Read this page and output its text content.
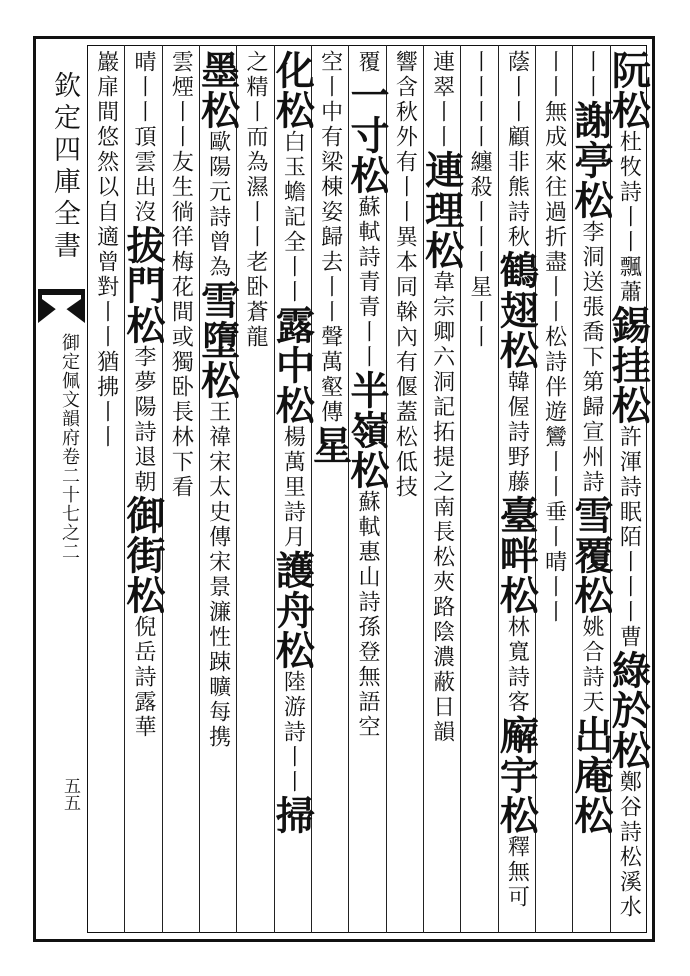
欽定四庫全書
御定佩文韻府卷二十七之二
五五

阮松杜牧詩丨丨飄蕭錫挂松許渾詩眠陌丨丨丨曹綠於松鄭谷詩松溪水

丨丨謝亭松李洞送張喬下第歸宣州詩雪覆松姚合詩天出庵松

丨丨無成來往過折盡丨丨松詩伴遊鸞丨丨垂丨晴丨丨

蔭丨丨顧非熊詩秋鶴翅松韓偓詩野藤臺畔松林寬詩客廨宇松釋無可

丨丨丨丨纏殺丨丨丨星丨丨

連翠丨丨連理松韋宗卿六洞記拓提之南長松夾路陰濃蔽日韻

響含秋外有丨丨異本同榦內有偃蓋松低技

覆一寸松蘇軾詩青青丨丨半嶺松蘇軾惠山詩孫登無語空

空丨中有梁棟姿歸去丨丨聲萬壑傳星

化松白玉蟾記全丨丨露中松楊萬里詩月護舟松陸游詩丨丨掃

之精丨而為濕丨丨老卧蒼龍

墨松歐陽元詩曾為雪墮松王禕宋太史傳宋景濂性踈曠每携

雲煙丨丨友生徜徉梅花間或獨卧長林下看

晴丨丨頂雲出沒拔門松李夢陽詩退朝御街松倪岳詩露華

巖扉間悠然以自適曾對丨丨猶拂丨丨
